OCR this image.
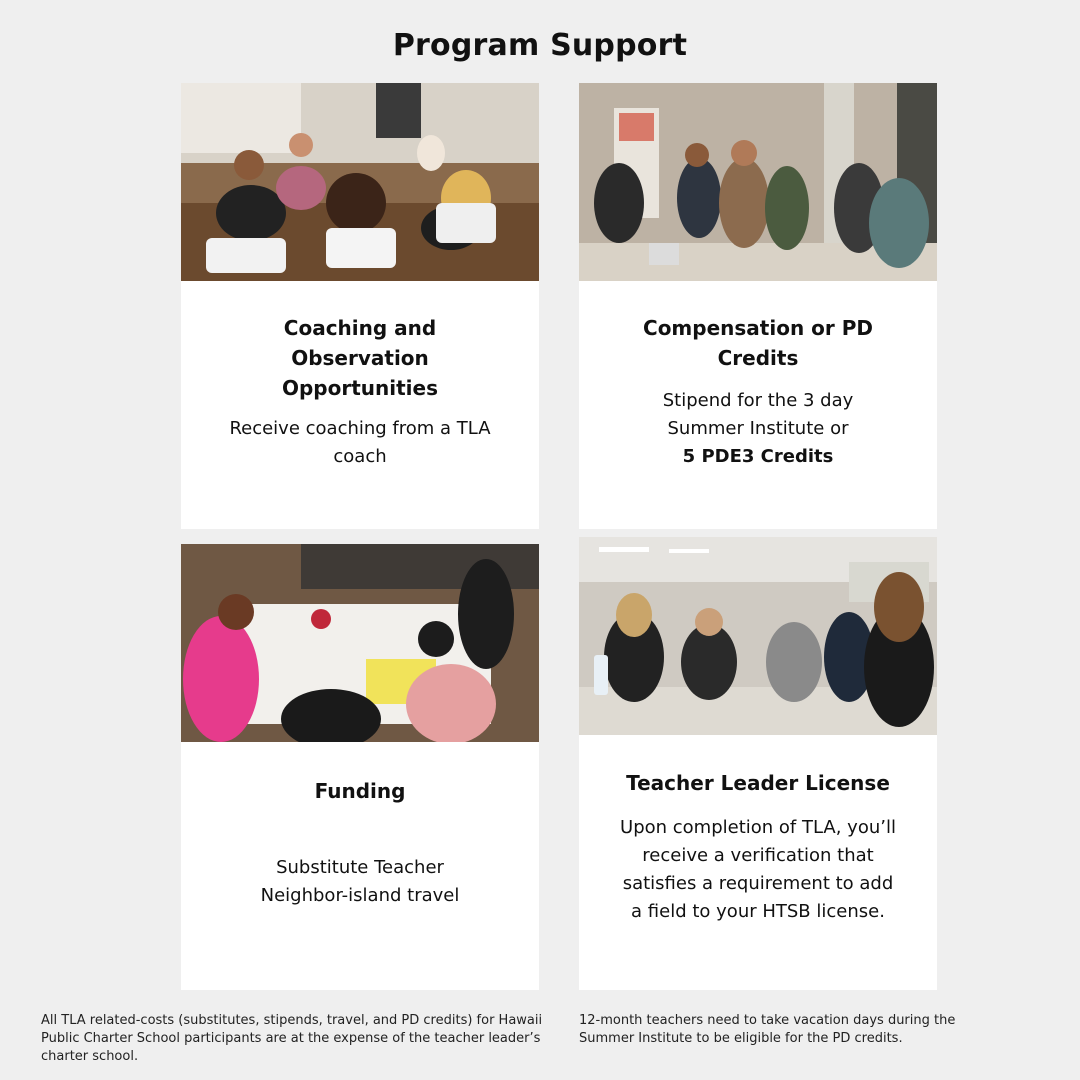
Program Support
Coaching and Observation Opportunities
Receive coaching from a TLA coach
Compensation or PD Credits
Stipend for the 3 day Summer Institute or
5 PDE3 Credits
Funding
Substitute Teacher
Neighbor-island travel
Teacher Leader License
Upon completion of TLA, you’ll receive a verification that satisfies a requirement to add a field to your HTSB license.
All TLA related-costs (substitutes, stipends, travel, and PD credits) for Hawaii Public Charter School participants are at the expense of the teacher leader’s charter school.
12-month teachers need to take vacation days during the Summer Institute to be eligible for the PD credits.
